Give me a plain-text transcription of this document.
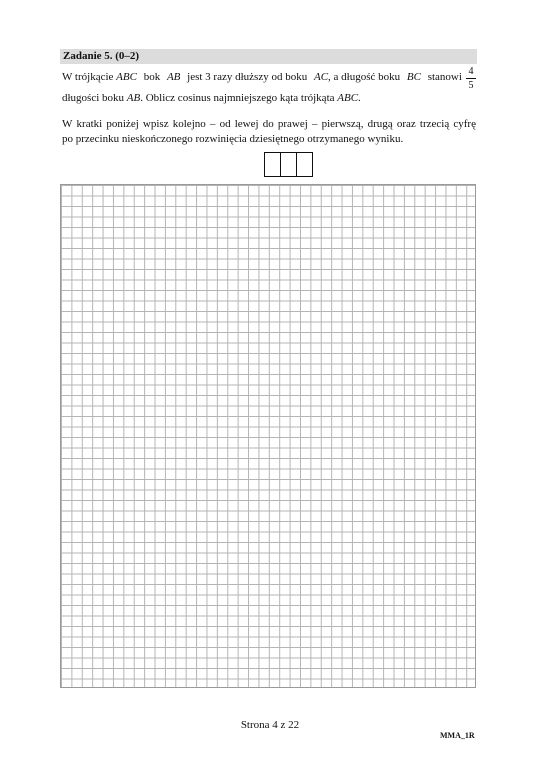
Zadanie 5. (0–2)
W trójkącie ABC bok AB jest 3 razy dłuższy od boku AC, a długość boku BC stanowi 4
5
długości boku AB. Oblicz cosinus najmniejszego kąta trójkąta ABC.
W kratki poniżej wpisz kolejno – od lewej do prawej – pierwszą, drugą oraz trzecią cyfrę
po przecinku nieskończonego rozwinięcia dziesiętnego otrzymanego wyniku.
Strona 4 z 22
MMA_1R
